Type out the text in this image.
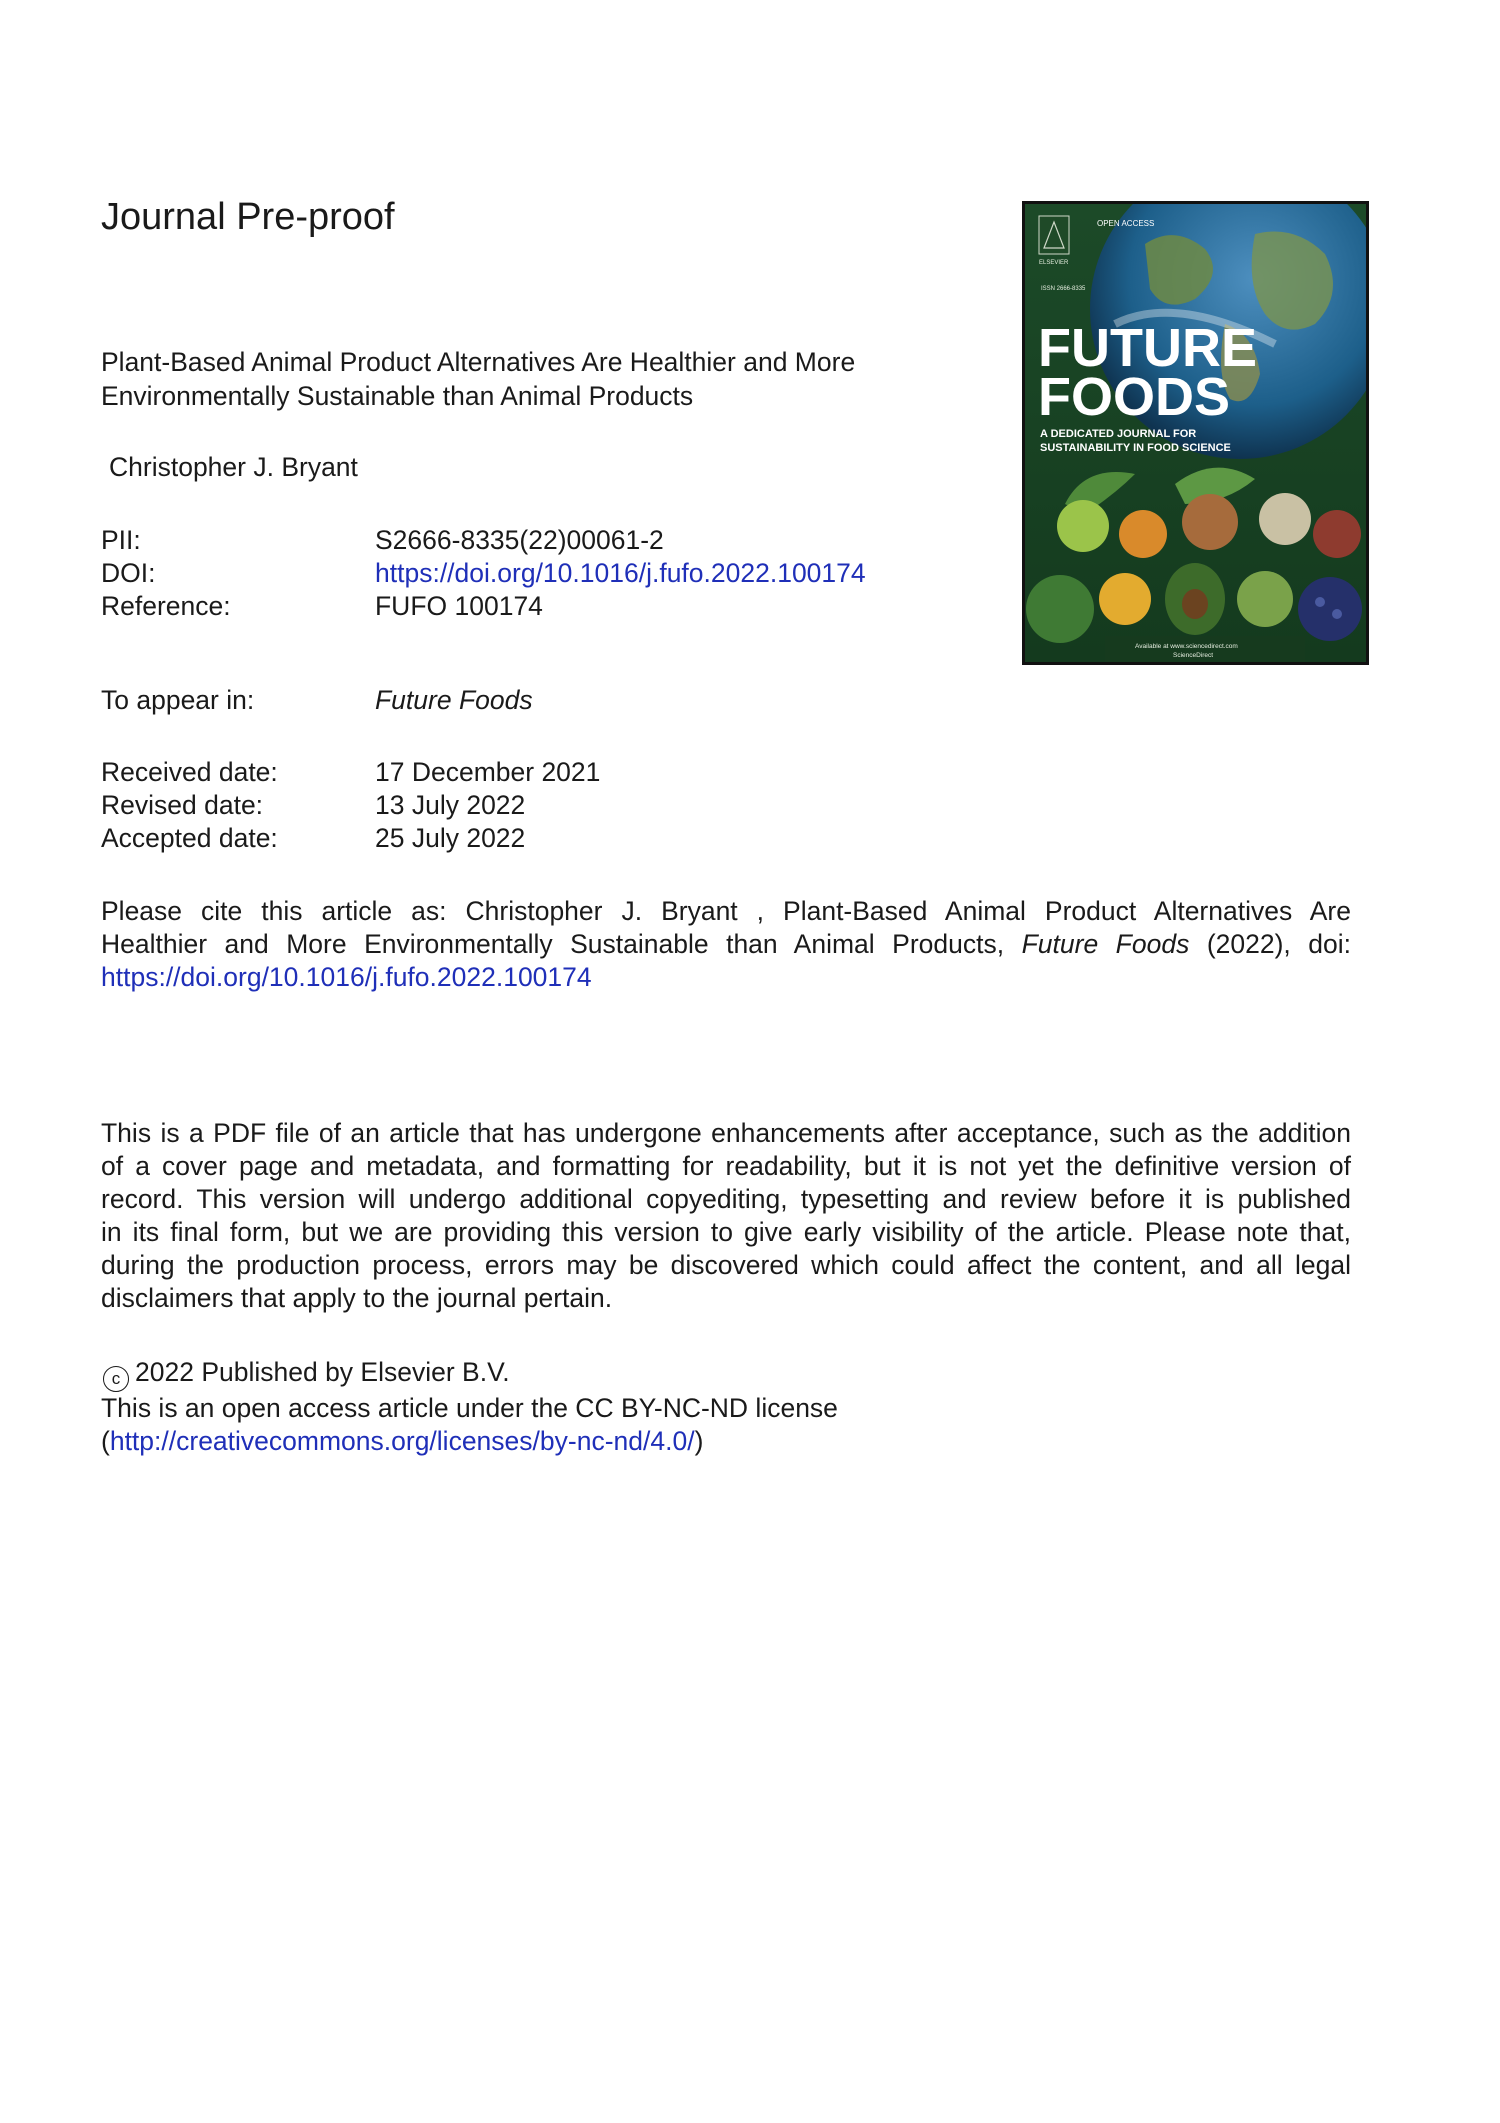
Journal Pre-proof
Plant-Based Animal Product Alternatives Are Healthier and More
Environmentally Sustainable than Animal Products
Christopher J. Bryant
PII:	S2666-8335(22)00061-2
DOI:	https://doi.org/10.1016/j.fufo.2022.100174
Reference:	FUFO 100174
To appear in:	Future Foods
Received date:	17 December 2021
Revised date:	13 July 2022
Accepted date:	25 July 2022
Please cite this article as: Christopher J. Bryant , Plant-Based Animal Product Alternatives Are
Healthier and More Environmentally Sustainable than Animal Products, Future Foods (2022), doi:
https://doi.org/10.1016/j.fufo.2022.100174
This is a PDF file of an article that has undergone enhancements after acceptance, such as the addition
of a cover page and metadata, and formatting for readability, but it is not yet the definitive version of
record. This version will undergo additional copyediting, typesetting and review before it is published
in its final form, but we are providing this version to give early visibility of the article. Please note that,
during the production process, errors may be discovered which could affect the content, and all legal
disclaimers that apply to the journal pertain.
c 2022 Published by Elsevier B.V.
This is an open access article under the CC BY-NC-ND license
(http://creativecommons.org/licenses/by-nc-nd/4.0/)
ELSEVIER
OPEN ACCESS
ISSN 2666-8335
FUTURE
FOODS
A DEDICATED JOURNAL FOR
SUSTAINABILITY IN FOOD SCIENCE
Available at www.sciencedirect.com
ScienceDirect
